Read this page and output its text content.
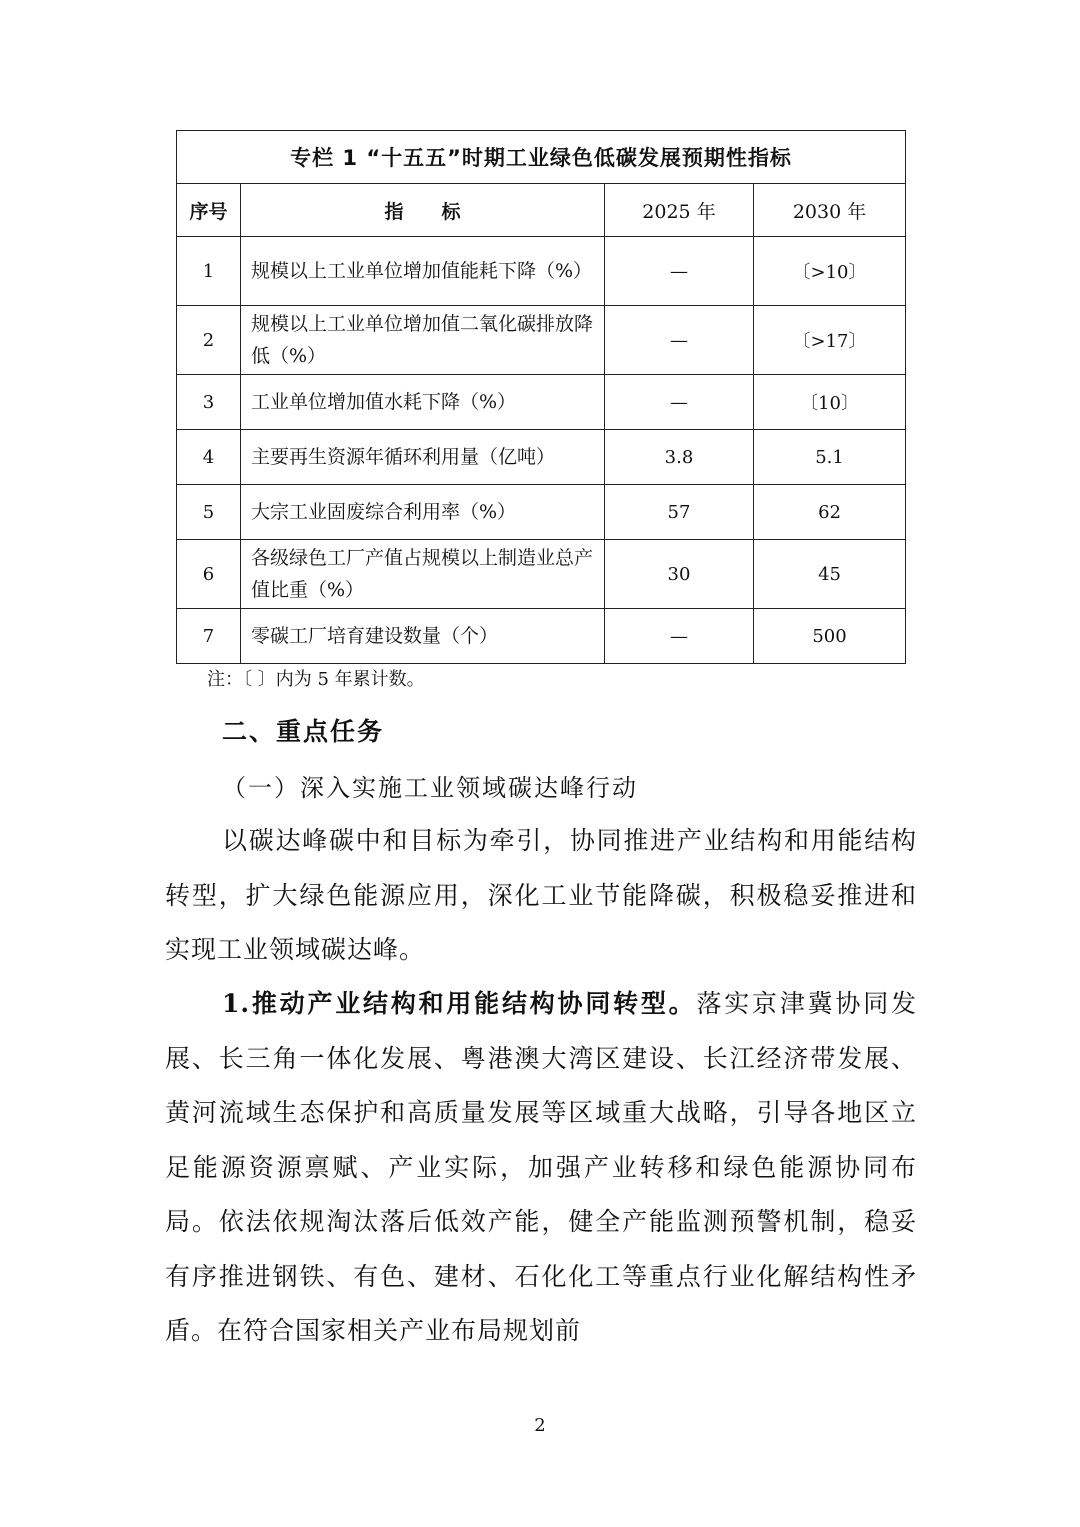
专栏 1 “十五五”时期工业绿色低碳发展预期性指标			
序号	指　　标	2025 年	2030 年
1	规模以上工业单位增加值能耗下降（%）	—	〔>10〕
2	规模以上工业单位增加值二氧化碳排放降低（%）	—	〔>17〕
3	工业单位增加值水耗下降（%）	—	〔10〕
4	主要再生资源年循环利用量（亿吨）	3.8	5.1
5	大宗工业固废综合利用率（%）	57	62
6	各级绿色工厂产值占规模以上制造业总产值比重（%）	30	45
7	零碳工厂培育建设数量（个）	—	500
注：〔 〕内为 5 年累计数。
二、重点任务
（一）深入实施工业领域碳达峰行动

以碳达峰碳中和目标为牵引，协同推进产业结构和用能结构转型，扩大绿色能源应用，深化工业节能降碳，积极稳妥推进和实现工业领域碳达峰。

1.推动产业结构和用能结构协同转型。落实京津冀协同发展、长三角一体化发展、粤港澳大湾区建设、长江经济带发展、黄河流域生态保护和高质量发展等区域重大战略，引导各地区立足能源资源禀赋、产业实际，加强产业转移和绿色能源协同布局。依法依规淘汰落后低效产能，健全产能监测预警机制，稳妥有序推进钢铁、有色、建材、石化化工等重点行业化解结构性矛盾。在符合国家相关产业布局规划前

2
